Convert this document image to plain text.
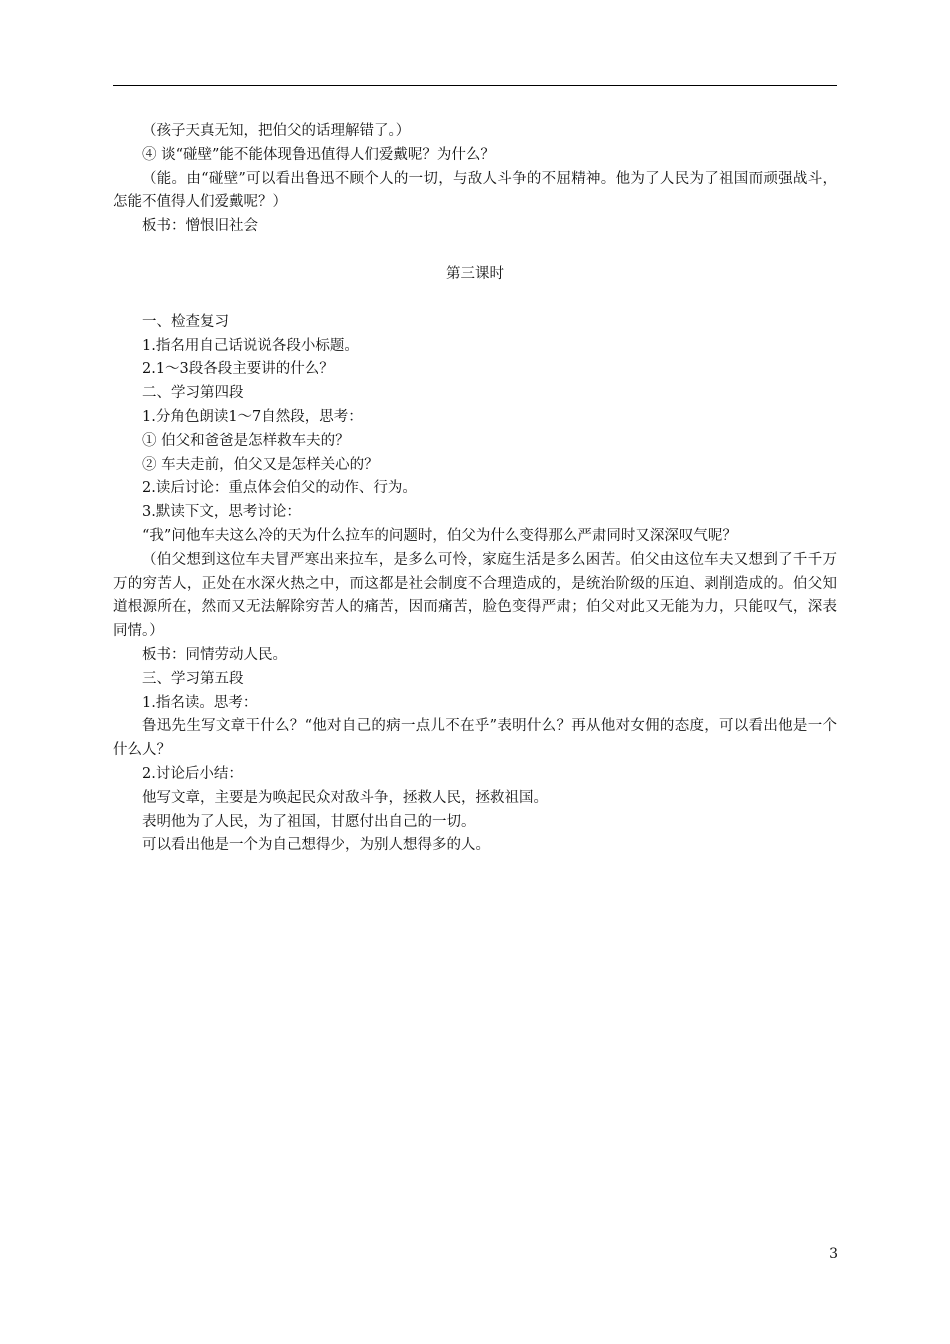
（孩子天真无知，把伯父的话理解错了。）

④ 谈“碰壁”能不能体现鲁迅值得人们爱戴呢？为什么？

（能。由“碰壁”可以看出鲁迅不顾个人的一切，与敌人斗争的不屈精神。他为了人民为了祖国而顽强战斗，怎能不值得人们爱戴呢？）

板书：憎恨旧社会

第三课时

一、检查复习

1.指名用自己话说说各段小标题。

2.1～3段各段主要讲的什么？

二、学习第四段

1.分角色朗读1～7自然段，思考：

① 伯父和爸爸是怎样救车夫的？

② 车夫走前，伯父又是怎样关心的？

2.读后讨论：重点体会伯父的动作、行为。

3.默读下文，思考讨论：

“我”问他车夫这么冷的天为什么拉车的问题时，伯父为什么变得那么严肃同时又深深叹气呢？

（伯父想到这位车夫冒严寒出来拉车，是多么可怜，家庭生活是多么困苦。伯父由这位车夫又想到了千千万万的穷苦人，正处在水深火热之中，而这都是社会制度不合理造成的，是统治阶级的压迫、剥削造成的。伯父知道根源所在，然而又无法解除穷苦人的痛苦，因而痛苦，脸色变得严肃；伯父对此又无能为力，只能叹气，深表同情。）

板书：同情劳动人民。

三、学习第五段

1.指名读。思考：

鲁迅先生写文章干什么？“他对自己的病一点儿不在乎”表明什么？再从他对女佣的态度，可以看出他是一个什么人？

2.讨论后小结：

他写文章，主要是为唤起民众对敌斗争，拯救人民，拯救祖国。

表明他为了人民，为了祖国，甘愿付出自己的一切。

可以看出他是一个为自己想得少，为别人想得多的人。

3
